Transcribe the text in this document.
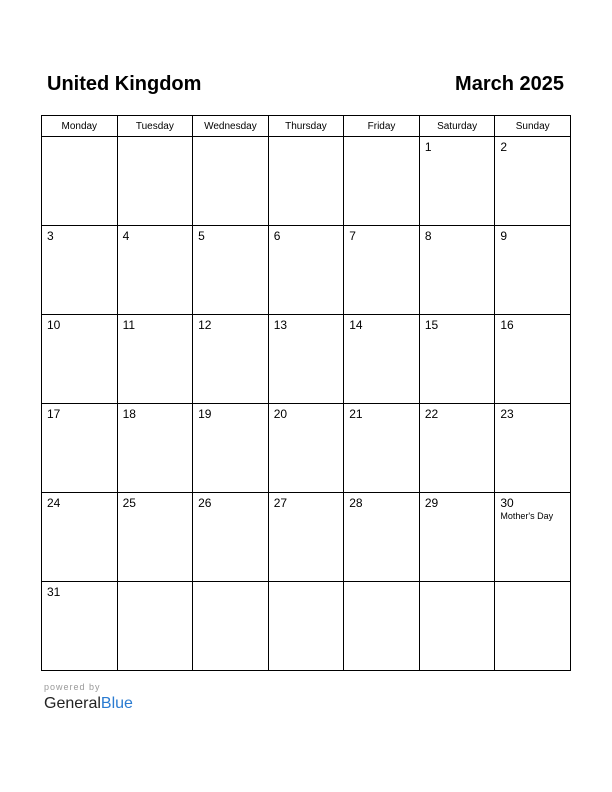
United Kingdom	March 2025
Monday	Tuesday	Wednesday	Thursday	Friday	Saturday	Sunday

					1	2

3	4	5	6	7	8	9

10	11	12	13	14	15	16

17	18	19	20	21	22	23

24	25	26	27	28	29	30
Mother's Day

31						

powered by
GeneralBlue
